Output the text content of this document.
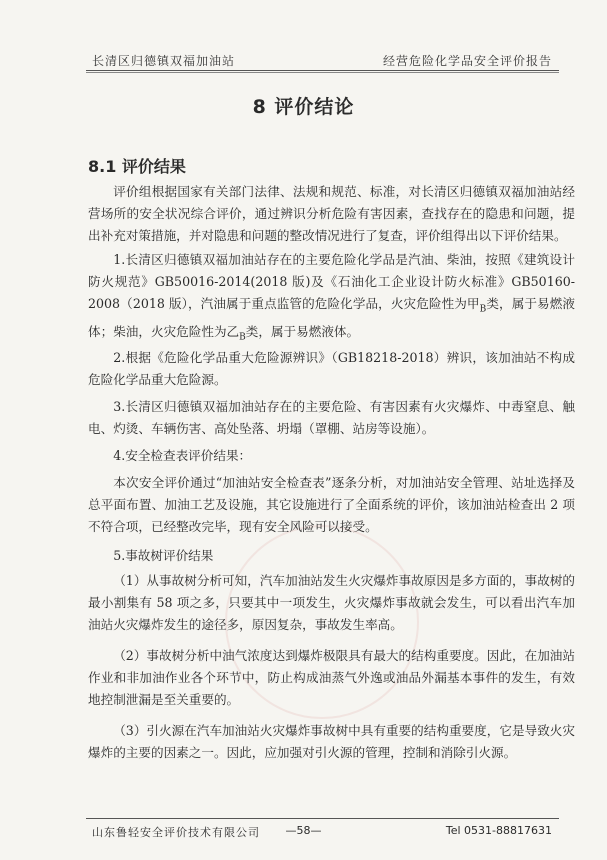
长清区归德镇双福加油站	经营危险化学品安全评价报告
8 评价结论
8.1 评价结果

评价组根据国家有关部门法律、法规和规范、标准，对长清区归德镇双福加油站经营场所的安全状况综合评价，通过辨识分析危险有害因素，查找存在的隐患和问题，提出补充对策措施，并对隐患和问题的整改情况进行了复查，评价组得出以下评价结果。

1.长清区归德镇双福加油站存在的主要危险化学品是汽油、柴油，按照《建筑设计防火规范》GB50016-2014(2018 版)及《石油化工企业设计防火标准》GB50160-2008（2018 版），汽油属于重点监管的危险化学品，火灾危险性为甲$_B$类，属于易燃液体；柴油，火灾危险性为乙$_B$类，属于易燃液体。

2.根据《危险化学品重大危险源辨识》（GB18218-2018）辨识，该加油站不构成危险化学品重大危险源。

3.长清区归德镇双福加油站存在的主要危险、有害因素有火灾爆炸、中毒窒息、触电、灼烫、车辆伤害、高处坠落、坍塌（罩棚、站房等设施）。

4.安全检查表评价结果：

本次安全评价通过“加油站安全检查表”逐条分析，对加油站安全管理、站址选择及总平面布置、加油工艺及设施，其它设施进行了全面系统的评价，该加油站检查出 2 项不符合项，已经整改完毕，现有安全风险可以接受。

5.事故树评价结果

（1）从事故树分析可知，汽车加油站发生火灾爆炸事故原因是多方面的，事故树的最小割集有 58 项之多，只要其中一项发生，火灾爆炸事故就会发生，可以看出汽车加油站火灾爆炸发生的途径多，原因复杂，事故发生率高。

（2）事故树分析中油气浓度达到爆炸极限具有最大的结构重要度。因此，在加油站作业和非加油作业各个环节中，防止构成油蒸气外逸或油品外漏基本事件的发生，有效地控制泄漏是至关重要的。

（3）引火源在汽车加油站火灾爆炸事故树中具有重要的结构重要度，它是导致火灾爆炸的主要的因素之一。因此，应加强对引火源的管理，控制和消除引火源。

山东鲁轻安全评价技术有限公司	—58—	Tel 0531-88817631
